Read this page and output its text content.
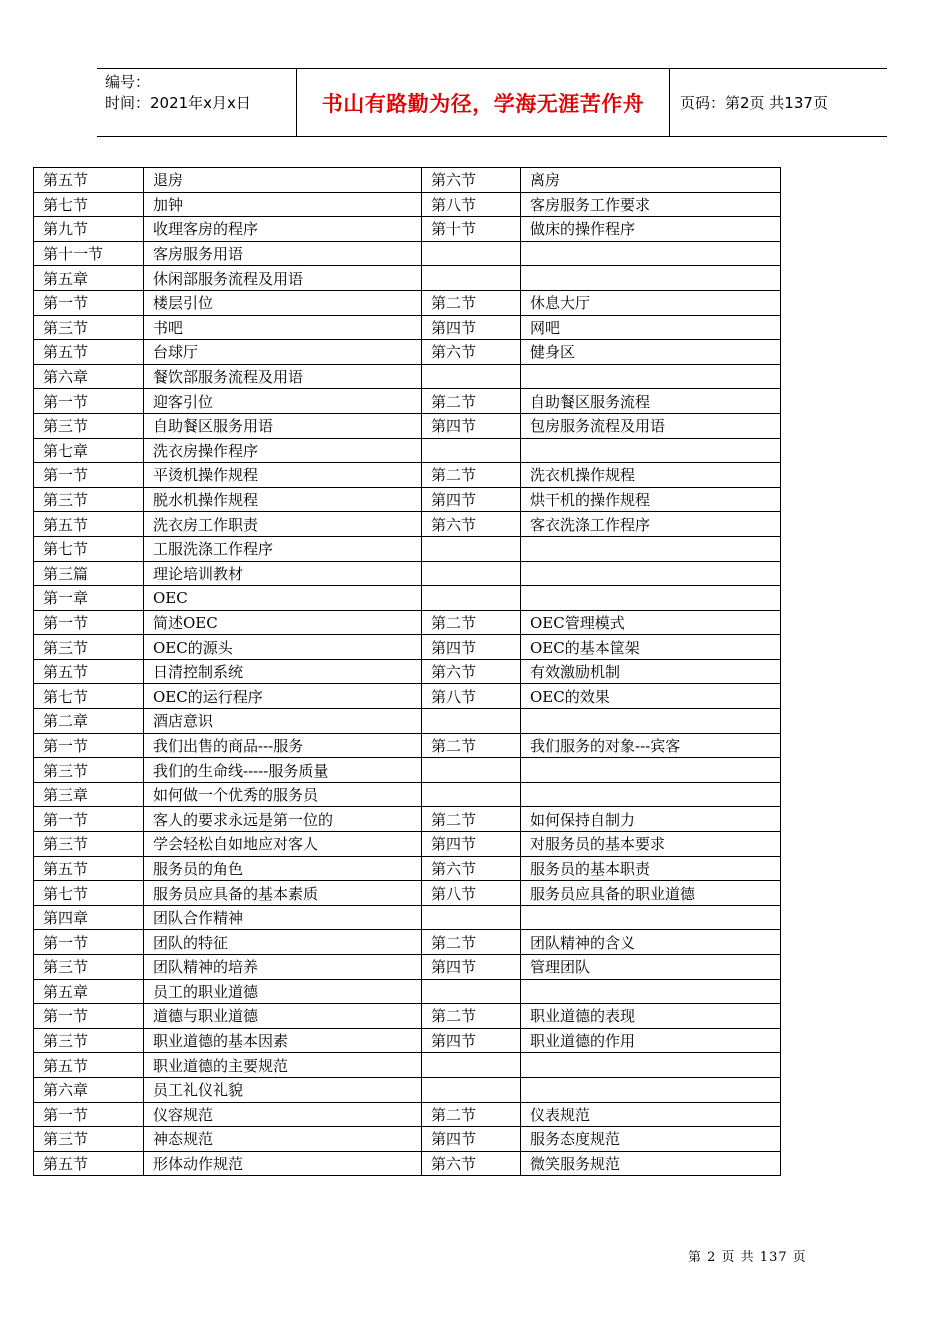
编号：
时间：2021年x月x日	书山有路勤为径，学海无涯苦作舟	页码：第2页 共137页
第五节	退房	第六节	离房
第七节	加钟	第八节	客房服务工作要求
第九节	收理客房的程序	第十节	做床的操作程序
第十一节	客房服务用语		
第五章	休闲部服务流程及用语		
第一节	楼层引位	第二节	休息大厅
第三节	书吧	第四节	网吧
第五节	台球厅	第六节	健身区
第六章	餐饮部服务流程及用语		
第一节	迎客引位	第二节	自助餐区服务流程
第三节	自助餐区服务用语	第四节	包房服务流程及用语
第七章	洗衣房操作程序		
第一节	平烫机操作规程	第二节	洗衣机操作规程
第三节	脱水机操作规程	第四节	烘干机的操作规程
第五节	洗衣房工作职责	第六节	客衣洗涤工作程序
第七节	工服洗涤工作程序		
第三篇	理论培训教材		
第一章	OEC		
第一节	简述OEC	第二节	OEC管理模式
第三节	OEC的源头	第四节	OEC的基本筐架
第五节	日清控制系统	第六节	有效激励机制
第七节	OEC的运行程序	第八节	OEC的效果
第二章	酒店意识		
第一节	我们出售的商品---服务	第二节	我们服务的对象---宾客
第三节	我们的生命线-----服务质量		
第三章	如何做一个优秀的服务员		
第一节	客人的要求永远是第一位的	第二节	如何保持自制力
第三节	学会轻松自如地应对客人	第四节	对服务员的基本要求
第五节	服务员的角色	第六节	服务员的基本职责
第七节	服务员应具备的基本素质	第八节	服务员应具备的职业道德
第四章	团队合作精神		
第一节	团队的特征	第二节	团队精神的含义
第三节	团队精神的培养	第四节	管理团队
第五章	员工的职业道德		
第一节	道德与职业道德	第二节	职业道德的表现
第三节	职业道德的基本因素	第四节	职业道德的作用
第五节	职业道德的主要规范		
第六章	员工礼仪礼貌		
第一节	仪容规范	第二节	仪表规范
第三节	神态规范	第四节	服务态度规范
第五节	形体动作规范	第六节	微笑服务规范
第 2 页 共 137 页
